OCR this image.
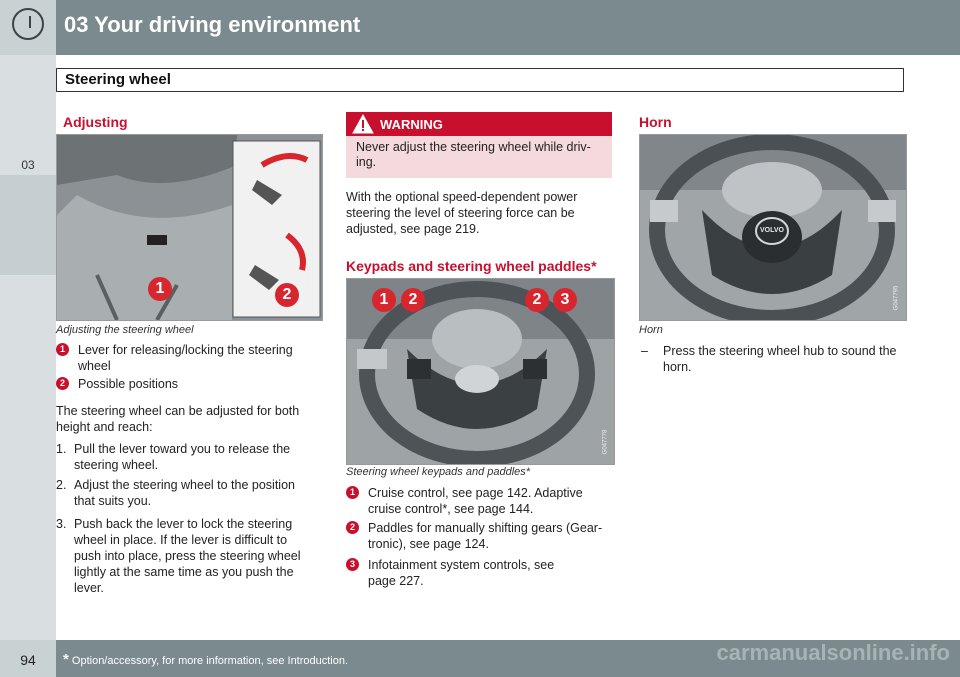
03 Your driving environment
03
Steering wheel
Adjusting
1	2
G021138
Adjusting the steering wheel
1	Lever for releasing/locking the steering wheel
2	Possible positions
The steering wheel can be adjusted for both height and reach:
1. Pull the lever toward you to release the steering wheel.
2. Adjust the steering wheel to the position that suits you.
3. Push back the lever to lock the steering wheel in place. If the lever is difficult to push into place, press the steering wheel lightly at the same time as you push the lever.
WARNING
Never adjust the steering wheel while driv-ing.
With the optional speed-dependent power steering the level of steering force can be adjusted, see page 219.
Keypads and steering wheel paddles*
1	2	2	3
G047778
Steering wheel keypads and paddles*
1	Cruise control, see page 142. Adaptive cruise control*, see page 144.
2	Paddles for manually shifting gears (Gear-tronic), see page 124.
3	Infotainment system controls, see page 227.
Horn
VOLVO
G047795
Horn
– Press the steering wheel hub to sound the horn.
94	* Option/accessory, for more information, see Introduction.	carmanualsonline.info
